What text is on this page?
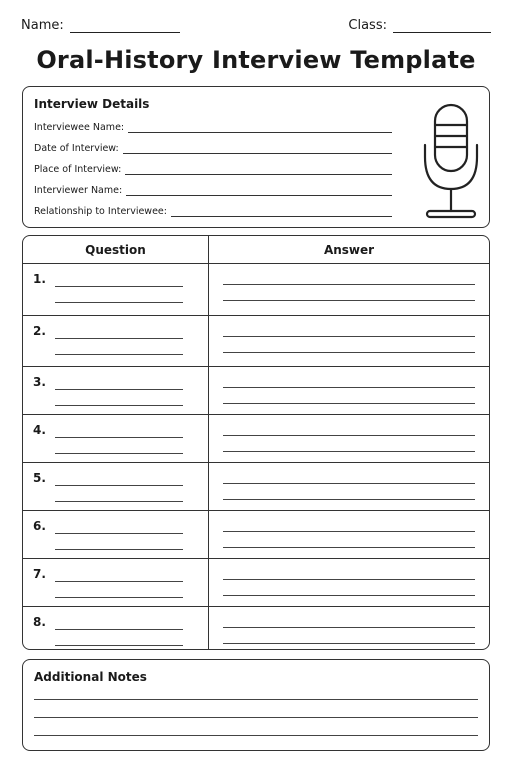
Name:	Class:
Oral-History Interview Template
Interview Details
Interviewee Name:
Date of Interview:
Place of Interview:
Interviewer Name:
Relationship to Interviewee:
Question	Answer
1.
2.
3.
4.
5.
6.
7.
8.
Additional Notes
